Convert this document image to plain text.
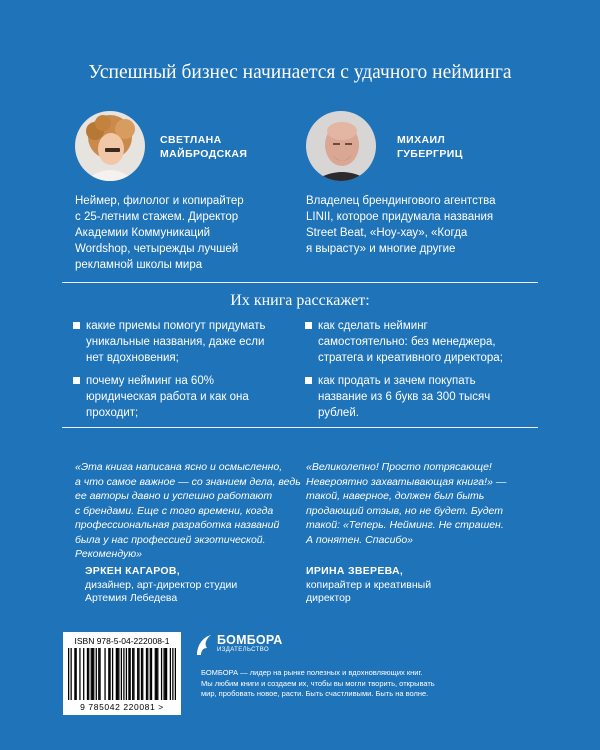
Успешный бизнес начинается с удачного нейминга
СВЕТЛАНА
МАЙБРОДСКАЯ
Неймер, филолог и копирайтер
с 25-летним стажем. Директор
Академии Коммуникаций
Wordshop, четырежды лучшей
рекламной школы мира
МИХАИЛ
ГУБЕРГРИЦ
Владелец брендингового агентства
LINII, которое придумала названия
Street Beat, «Ноу-хау», «Когда
я вырасту» и многие другие
Их книга расскажет:
какие приемы помогут придумать
уникальные названия, даже если
нет вдохновения;
как сделать нейминг
самостоятельно: без менеджера,
стратега и креативного директора;
почему нейминг на 60%
юридическая работа и как она
проходит;
как продать и зачем покупать
название из 6 букв за 300 тысяч
рублей.
«Эта книга написана ясно и осмысленно,
а что самое важное — со знанием дела, ведь
ее авторы давно и успешно работают
с брендами. Еще с того времени, когда
профессиональная разработка названий
была у нас профессией экзотической.
Рекомендую»
ЭРКЕН КАГАРОВ,
дизайнер, арт-директор студии
Артемия Лебедева
«Великолепно! Просто потрясающе!
Невероятно захватывающая книга!» —
такой, наверное, должен был быть
продающий отзыв, но не будет. Будет
такой: «Теперь. Нейминг. Не страшен.
А понятен. Спасибо»
ИРИНА ЗВЕРЕВА,
копирайтер и креативный
директор
ISBN 978-5-04-222008-1
9 785042 220081 >
БОМБОРА
ИЗДАТЕЛЬСТВО
БОМБОРА — лидер на рынке полезных и вдохновляющих книг.
Мы любим книги и создаем их, чтобы вы могли творить, открывать
мир, пробовать новое, расти. Быть счастливыми. Быть на волне.
